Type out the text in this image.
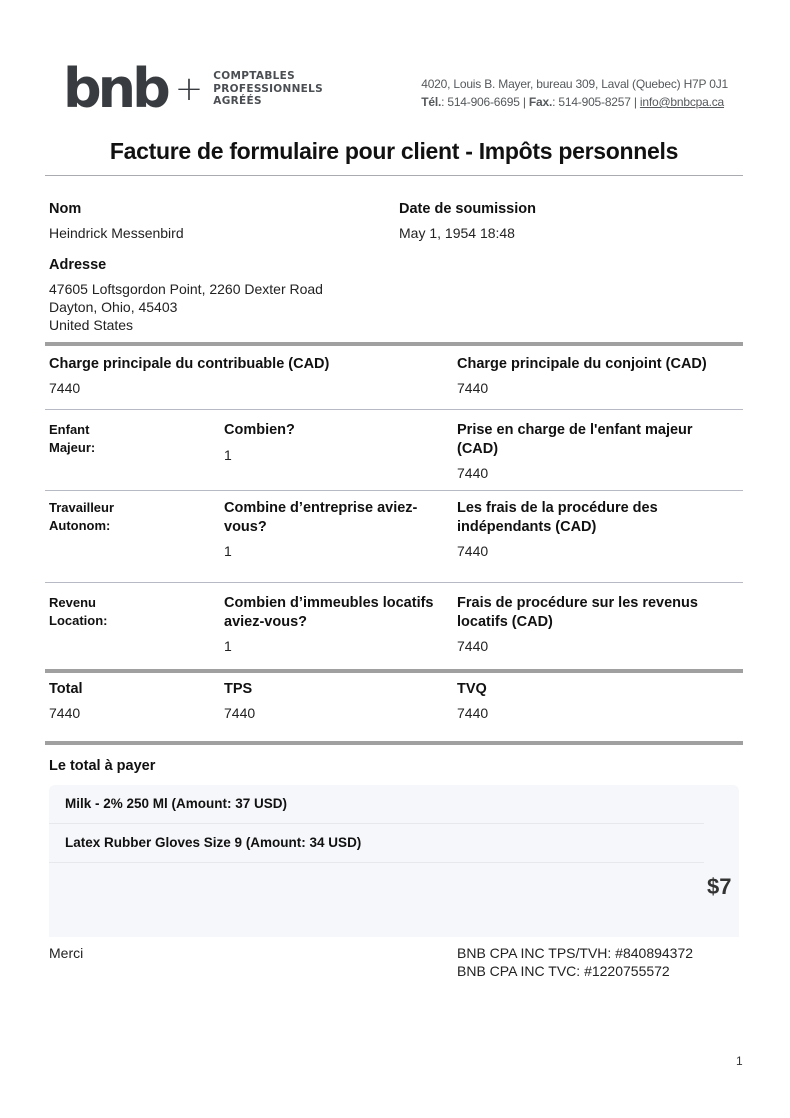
bnb + COMPTABLES
PROFESSIONNELS
AGRÉÉS
4020, Louis B. Mayer, bureau 309, Laval (Quebec) H7P 0J1
Tél.: 514-906-6695 | Fax.: 514-905-8257 | info@bnbcpa.ca
Facture de formulaire pour client - Impôts personnels
Nom
Heindrick Messenbird
Date de soumission
May 1, 1954 18:48
Adresse
47605 Loftsgordon Point, 2260 Dexter Road
Dayton, Ohio, 45403
United States
Charge principale du contribuable (CAD)
7440
Charge principale du conjoint (CAD)
7440
Enfant
Majeur:
Combien?
1
Prise en charge de l'enfant majeur
(CAD)
7440
Travailleur
Autonom:
Combine d’entreprise aviez-
vous?
1
Les frais de la procédure des
indépendants (CAD)
7440
Revenu
Location:
Combien d’immeubles locatifs
aviez-vous?
1
Frais de procédure sur les revenus
locatifs (CAD)
7440
Total
7440
TPS
7440
TVQ
7440
Le total à payer
Milk - 2% 250 Ml (Amount: 37 USD)
Latex Rubber Gloves Size 9 (Amount: 34 USD)
$7
Merci	BNB CPA INC TPS/TVH: #840894372
BNB CPA INC TVC: #1220755572
1
